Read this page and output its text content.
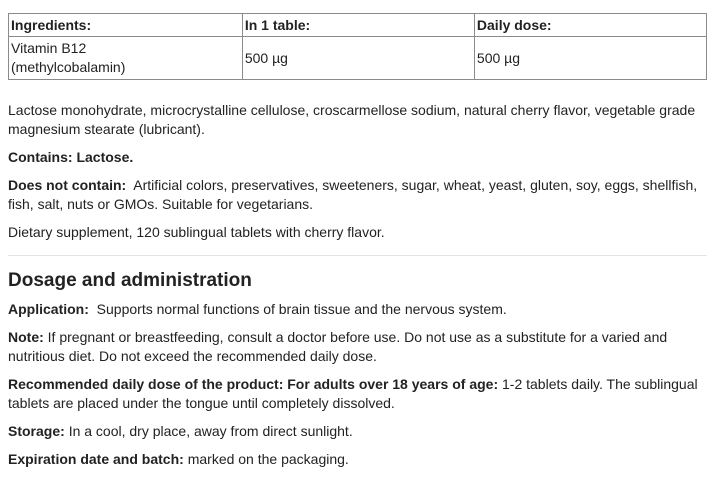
Ingredients:	In 1 table:	Daily dose:
Vitamin B12
(methylcobalamin)	500 µg	500 µg

Lactose monohydrate, microcrystalline cellulose, croscarmellose sodium, natural cherry flavor, vegetable grade magnesium stearate (lubricant).

Contains: Lactose.

Does not contain: Artificial colors, preservatives, sweeteners, sugar, wheat, yeast, gluten, soy, eggs, shellfish, fish, salt, nuts or GMOs. Suitable for vegetarians.

Dietary supplement, 120 sublingual tablets with cherry flavor.

Dosage and administration

Application: Supports normal functions of brain tissue and the nervous system.

Note: If pregnant or breastfeeding, consult a doctor before use. Do not use as a substitute for a varied and nutritious diet. Do not exceed the recommended daily dose.

Recommended daily dose of the product: For adults over 18 years of age: 1-2 tablets daily. The sublingual tablets are placed under the tongue until completely dissolved.

Storage: In a cool, dry place, away from direct sunlight.

Expiration date and batch: marked on the packaging.
